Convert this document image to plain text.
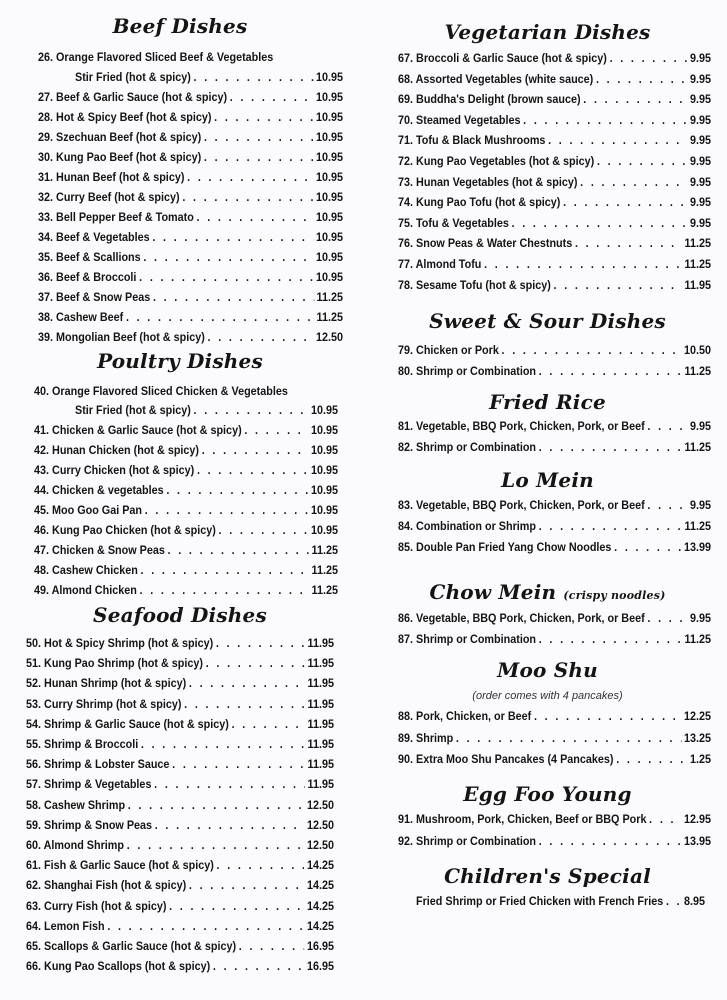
Beef Dishes
26. Orange Flavored Sliced Beef & Vegetables
Stir Fried (hot & spicy) . . .	10.95
27. Beef & Garlic Sauce (hot & spicy) . . .	10.95
28. Hot & Spicy Beef (hot & spicy) . . .	10.95
29. Szechuan Beef (hot & spicy) . . .	10.95
30. Kung Pao Beef (hot & spicy) . . .	10.95
31. Hunan Beef (hot & spicy) . . .	10.95
32. Curry Beef (hot & spicy) . . .	10.95
33. Bell Pepper Beef & Tomato . . .	10.95
34. Beef & Vegetables . . .	10.95
35. Beef & Scallions . . .	10.95
36. Beef & Broccoli . . .	10.95
37. Beef & Snow Peas . . .	11.25
38. Cashew Beef . . .	11.25
39. Mongolian Beef (hot & spicy) . . .	12.50
Poultry Dishes
40. Orange Flavored Sliced Chicken & Vegetables
Stir Fried (hot & spicy) . . .	10.95
41. Chicken & Garlic Sauce (hot & spicy) . . .	10.95
42. Hunan Chicken (hot & spicy) . . .	10.95
43. Curry Chicken (hot & spicy) . . .	10.95
44. Chicken & vegetables . . .	10.95
45. Moo Goo Gai Pan . . .	10.95
46. Kung Pao Chicken (hot & spicy) . . .	10.95
47. Chicken & Snow Peas . . .	11.25
48. Cashew Chicken . . .	11.25
49. Almond Chicken . . .	11.25
Seafood Dishes
50. Hot & Spicy Shrimp (hot & spicy) . . .	11.95
51. Kung Pao Shrimp (hot & spicy) . . .	11.95
52. Hunan Shrimp (hot & spicy) . . .	11.95
53. Curry Shrimp (hot & spicy) . . .	11.95
54. Shrimp & Garlic Sauce (hot & spicy) . . .	11.95
55. Shrimp & Broccoli . . .	11.95
56. Shrimp & Lobster Sauce . . .	11.95
57. Shrimp & Vegetables . . .	11.95
58. Cashew Shrimp . . .	12.50
59. Shrimp & Snow Peas . . .	12.50
60. Almond Shrimp . . .	12.50
61. Fish & Garlic Sauce (hot & spicy) . . .	14.25
62. Shanghai Fish (hot & spicy) . . .	14.25
63. Curry Fish (hot & spicy) . . .	14.25
64. Lemon Fish . . .	14.25
65. Scallops & Garlic Sauce (hot & spicy) . . .	16.95
66. Kung Pao Scallops (hot & spicy) . . .	16.95
Vegetarian Dishes
67. Broccoli & Garlic Sauce (hot & spicy) . . .	9.95
68. Assorted Vegetables (white sauce) . . .	9.95
69. Buddha's Delight (brown sauce) . . .	9.95
70. Steamed Vegetables . . .	9.95
71. Tofu & Black Mushrooms . . .	9.95
72. Kung Pao Vegetables (hot & spicy) . . .	9.95
73. Hunan Vegetables (hot & spicy) . . .	9.95
74. Kung Pao Tofu (hot & spicy) . . .	9.95
75. Tofu & Vegetables . . .	9.95
76. Snow Peas & Water Chestnuts . . .	11.25
77. Almond Tofu . . .	11.25
78. Sesame Tofu (hot & spicy) . . .	11.95
Sweet & Sour Dishes
79. Chicken or Pork . . .	10.50
80. Shrimp or Combination . . .	11.25
Fried Rice
81. Vegetable, BBQ Pork, Chicken, Pork, or Beef . . .	9.95
82. Shrimp or Combination . . .	11.25
Lo Mein
83. Vegetable, BBQ Pork, Chicken, Pork, or Beef . . .	9.95
84. Combination or Shrimp . . .	11.25
85. Double Pan Fried Yang Chow Noodles . . .	13.99
Chow Mein (crispy noodles)
86. Vegetable, BBQ Pork, Chicken, Pork, or Beef . . .	9.95
87. Shrimp or Combination . . .	11.25
Moo Shu
(order comes with 4 pancakes)
88. Pork, Chicken, or Beef . . .	12.25
89. Shrimp . . .	13.25
90. Extra Moo Shu Pancakes (4 Pancakes) . . .	1.25
Egg Foo Young
91. Mushroom, Pork, Chicken, Beef or BBQ Pork . . .	12.95
92. Shrimp or Combination . . .	13.95
Children's Special
Fried Shrimp or Fried Chicken with French Fries . . . 8.95
